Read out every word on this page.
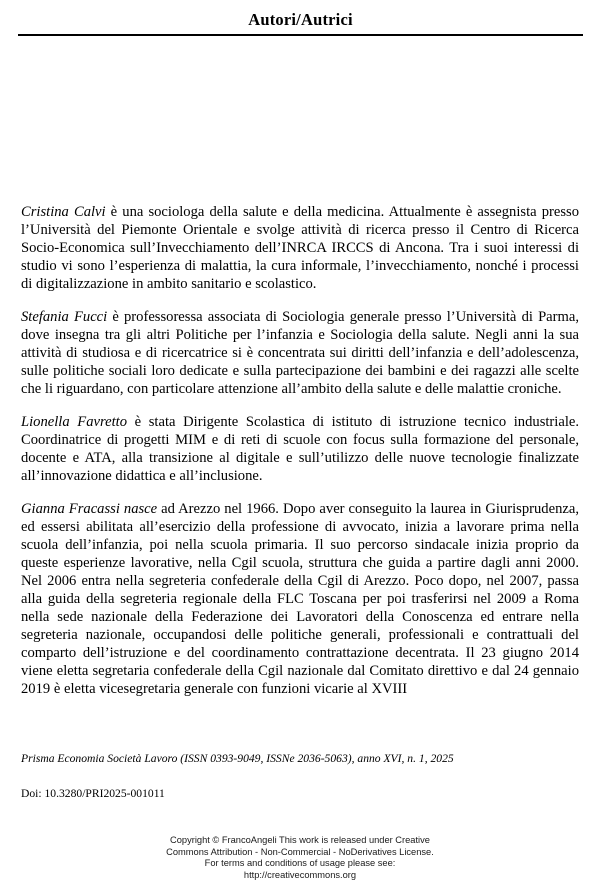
Autori/Autrici

Cristina Calvi è una sociologa della salute e della medicina. Attualmente è assegnista presso l’Università del Piemonte Orientale e svolge attività di ricerca presso il Centro di Ricerca Socio-Economica sull’Invecchiamento dell’INRCA IRCCS di Ancona. Tra i suoi interessi di studio vi sono l’esperienza di malattia, la cura informale, l’invecchiamento, nonché i processi di digitalizzazione in ambito sanitario e scolastico.

Stefania Fucci è professoressa associata di Sociologia generale presso l’Università di Parma, dove insegna tra gli altri Politiche per l’infanzia e Sociologia della salute. Negli anni la sua attività di studiosa e di ricercatrice si è concentrata sui diritti dell’infanzia e dell’adolescenza, sulle politiche sociali loro dedicate e sulla partecipazione dei bambini e dei ragazzi alle scelte che li riguardano, con particolare attenzione all’ambito della salute e delle malattie croniche.

Lionella Favretto è stata Dirigente Scolastica di istituto di istruzione tecnico industriale. Coordinatrice di progetti MIM e di reti di scuole con focus sulla formazione del personale, docente e ATA, alla transizione al digitale e sull’utilizzo delle nuove tecnologie finalizzate all’innovazione didattica e all’inclusione.

Gianna Fracassi nasce ad Arezzo nel 1966. Dopo aver conseguito la laurea in Giurisprudenza, ed essersi abilitata all’esercizio della professione di avvocato, inizia a lavorare prima nella scuola dell’infanzia, poi nella scuola primaria. Il suo percorso sindacale inizia proprio da queste esperienze lavorative, nella Cgil scuola, struttura che guida a partire dagli anni 2000. Nel 2006 entra nella segreteria confederale della Cgil di Arezzo. Poco dopo, nel 2007, passa alla guida della segreteria regionale della FLC Toscana per poi trasferirsi nel 2009 a Roma nella sede nazionale della Federazione dei Lavoratori della Conoscenza ed entrare nella segreteria nazionale, occupandosi delle politiche generali, professionali e contrattuali del comparto dell’istruzione e del coordinamento contrattazione decentrata. Il 23 giugno 2014 viene eletta segretaria confederale della Cgil nazionale dal Comitato direttivo e dal 24 gennaio 2019 è eletta vicesegretaria generale con funzioni vicarie al XVIII

Prisma Economia Società Lavoro (ISSN 0393-9049, ISSNe 2036-5063), anno XVI, n. 1, 2025
Doi: 10.3280/PRI2025-001011
Copyright © FrancoAngeli This work is released under Creative
Commons Attribution - Non-Commercial - NoDerivatives License.
For terms and conditions of usage please see:
http://creativecommons.org
